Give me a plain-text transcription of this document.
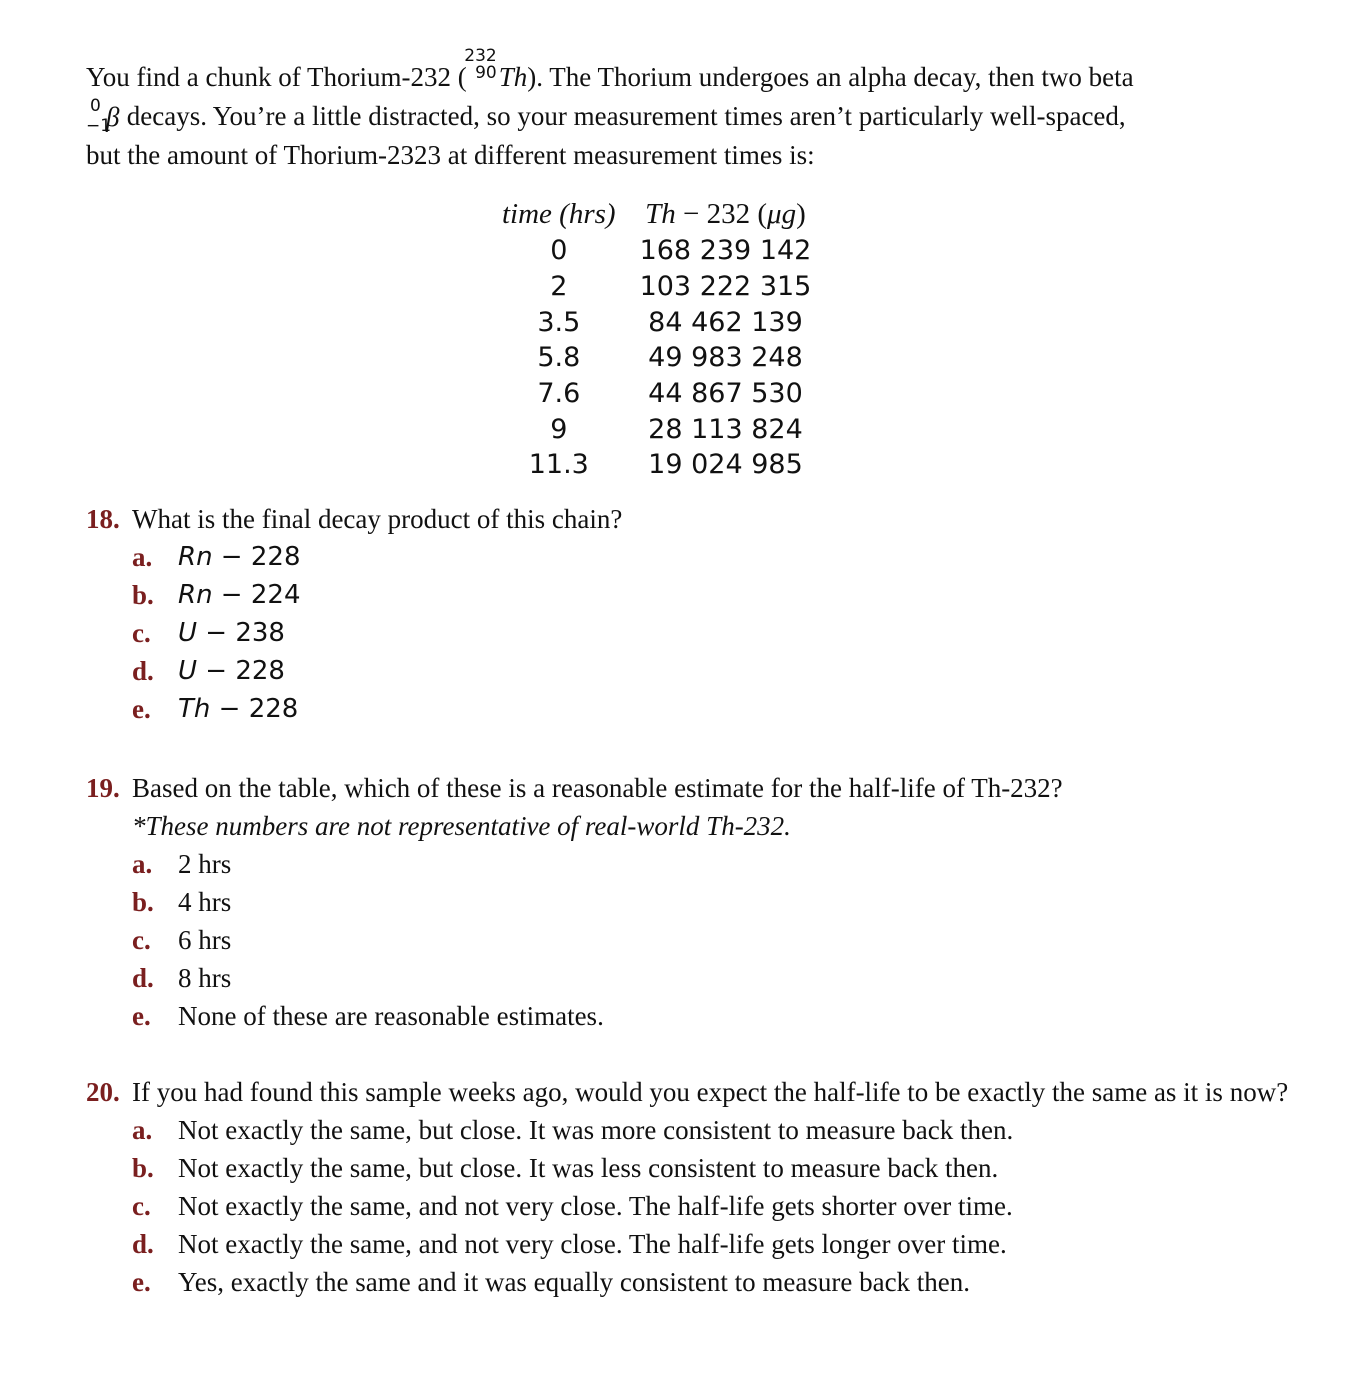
You find a chunk of Thorium-232 (
232
90 Th). The Thorium undergoes an alpha decay, then two beta

0
−1
β decays. You’re a little distracted, so your measurement times aren’t particularly well-spaced,
but the amount of Thorium-2323 at different measurement times is:

time (hrs)	Th − 232 (μg)
0	168 239 142
2	103 222 315
3.5	84 462 139
5.8	49 983 248
7.6	44 867 530
9	28 113 824
11.3	19 024 985
18. What is the final decay product of this chain?
a. Rn − 228
b. Rn − 224
c.	U − 238
d. U − 228
e.	Th − 228
19. Based on the table, which of these is a reasonable estimate for the half-life of Th-232?
*These numbers are not representative of real-world Th-232.
a. 2 hrs
b. 4 hrs
c.	6 hrs
d. 8 hrs
e.	None of these are reasonable estimates.
20. If you had found this sample weeks ago, would you expect the half-life to be exactly the same as it is now?
a. Not exactly the same, but close. It was more consistent to measure back then.
b. Not exactly the same, but close. It was less consistent to measure back then.
c.	Not exactly the same, and not very close. The half-life gets shorter over time.
d. Not exactly the same, and not very close. The half-life gets longer over time.
e.	Yes, exactly the same and it was equally consistent to measure back then.
